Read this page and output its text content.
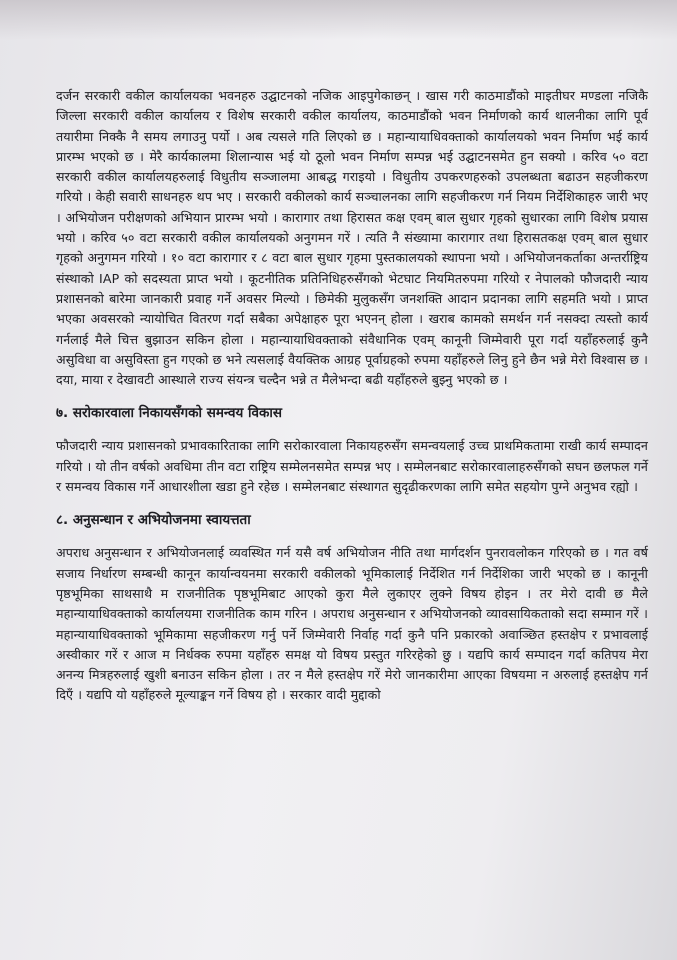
दर्जन सरकारी वकील कार्यालयका भवनहरु उद्घाटनको नजिक आइपुगेकाछन् । खास गरी काठमाडौंको माइतीघर मण्डला नजिकै जिल्ला सरकारी वकील कार्यालय र विशेष सरकारी वकील कार्यालय, काठमाडौंको भवन निर्माणको कार्य थालनीका लागि पूर्व तयारीमा निक्कै नै समय लगाउनु पर्यो । अब त्यसले गति लिएको छ । महान्यायाधिवक्ताको कार्यालयको भवन निर्माण भई कार्य प्रारम्भ भएको छ । मेरै कार्यकालमा शिलान्यास भई यो ठूलो भवन निर्माण सम्पन्न भई उद्घाटनसमेत हुन सक्यो । करिव ५० वटा सरकारी वकील कार्यालयहरुलाई विधुतीय सञ्जालमा आबद्ध गराइयो । विधुतीय उपकरणहरुको उपलब्धता बढाउन सहजीकरण गरियो । केही सवारी साधनहरु थप भए । सरकारी वकीलको कार्य सञ्चालनका लागि सहजीकरण गर्न नियम निर्देशिकाहरु जारी भए । अभियोजन परीक्षणको अभियान प्रारम्भ भयो । कारागार तथा हिरासत कक्ष एवम् बाल सुधार गृहको सुधारका लागि विशेष प्रयास भयो । करिव ५० वटा सरकारी वकील कार्यालयको अनुगमन गरें । त्यति नै संख्यामा कारागार तथा हिरासतकक्ष एवम् बाल सुधार गृहको अनुगमन गरियो । १० वटा कारागार र ८ वटा बाल सुधार गृहमा पुस्तकालयको स्थापना भयो । अभियोजनकर्ताका अन्तर्राष्ट्रिय संस्थाको IAP को सदस्यता प्राप्त भयो । कूटनीतिक प्रतिनिधिहरुसँगको भेटघाट नियमितरुपमा गरियो र नेपालको फौजदारी न्याय प्रशासनको बारेमा जानकारी प्रवाह गर्ने अवसर मिल्यो । छिमेकी मुलुकसँग जनशक्ति आदान प्रदानका लागि सहमति भयो । प्राप्त भएका अवसरको न्यायोचित वितरण गर्दा सबैका अपेक्षाहरु पूरा भएनन् होला । खराब कामको समर्थन गर्न नसक्दा त्यस्तो कार्य गर्नलाई मैले चित्त बुझाउन सकिन होला । महान्यायाधिवक्ताको संवैधानिक एवम् कानूनी जिम्मेवारी पूरा गर्दा यहाँहरुलाई कुनै असुविधा वा असुविस्ता हुन गएको छ भने त्यसलाई वैयक्तिक आग्रह पूर्वाग्रहको रुपमा यहाँहरुले लिनु हुने छैन भन्ने मेरो विश्वास छ । दया, माया र देखावटी आस्थाले राज्य संयन्त्र चल्दैन भन्ने त मैलेभन्दा बढी यहाँहरुले बुझ्नु भएको छ ।

७. सरोकारवाला निकायसँगको समन्वय विकास

फौजदारी न्याय प्रशासनको प्रभावकारिताका लागि सरोकारवाला निकायहरुसँग समन्वयलाई उच्च प्राथमिकतामा राखी कार्य सम्पादन गरियो । यो तीन वर्षको अवधिमा तीन वटा राष्ट्रिय सम्मेलनसमेत सम्पन्न भए । सम्मेलनबाट सरोकारवालाहरुसँगको सघन छलफल गर्ने र समन्वय विकास गर्ने आधारशीला खडा हुने रहेछ । सम्मेलनबाट संस्थागत सुदृढीकरणका लागि समेत सहयोग पुग्ने अनुभव रह्यो ।

८. अनुसन्धान र अभियोजनमा स्वायत्तता

अपराध अनुसन्धान र अभियोजनलाई व्यवस्थित गर्न यसै वर्ष अभियोजन नीति तथा मार्गदर्शन पुनरावलोकन गरिएको छ । गत वर्ष सजाय निर्धारण सम्बन्धी कानून कार्यान्वयनमा सरकारी वकीलको भूमिकालाई निर्देशित गर्न निर्देशिका जारी भएको छ । कानूनी पृष्ठभूमिका साथसाथै म राजनीतिक पृष्ठभूमिबाट आएको कुरा मैले लुकाएर लुक्ने विषय होइन । तर मेरो दावी छ मैले महान्यायाधिवक्ताको कार्यालयमा राजनीतिक काम गरिन । अपराध अनुसन्धान र अभियोजनको व्यावसायिकताको सदा सम्मान गरें । महान्यायाधिवक्ताको भूमिकामा सहजीकरण गर्नु पर्ने जिम्मेवारी निर्वाह गर्दा कुनै पनि प्रकारको अवाञ्छित हस्तक्षेप र प्रभावलाई अस्वीकार गरें र आज म निर्धक्क रुपमा यहाँहरु समक्ष यो विषय प्रस्तुत गरिरहेको छु । यद्यपि कार्य सम्पादन गर्दा कतिपय मेरा अनन्य मित्रहरुलाई खुशी बनाउन सकिन होला । तर न मैले हस्तक्षेप गरें मेरो जानकारीमा आएका विषयमा न अरुलाई हस्तक्षेप गर्न दिएँ । यद्यपि यो यहाँहरुले मूल्याङ्कन गर्ने विषय हो । सरकार वादी मुद्दाको
